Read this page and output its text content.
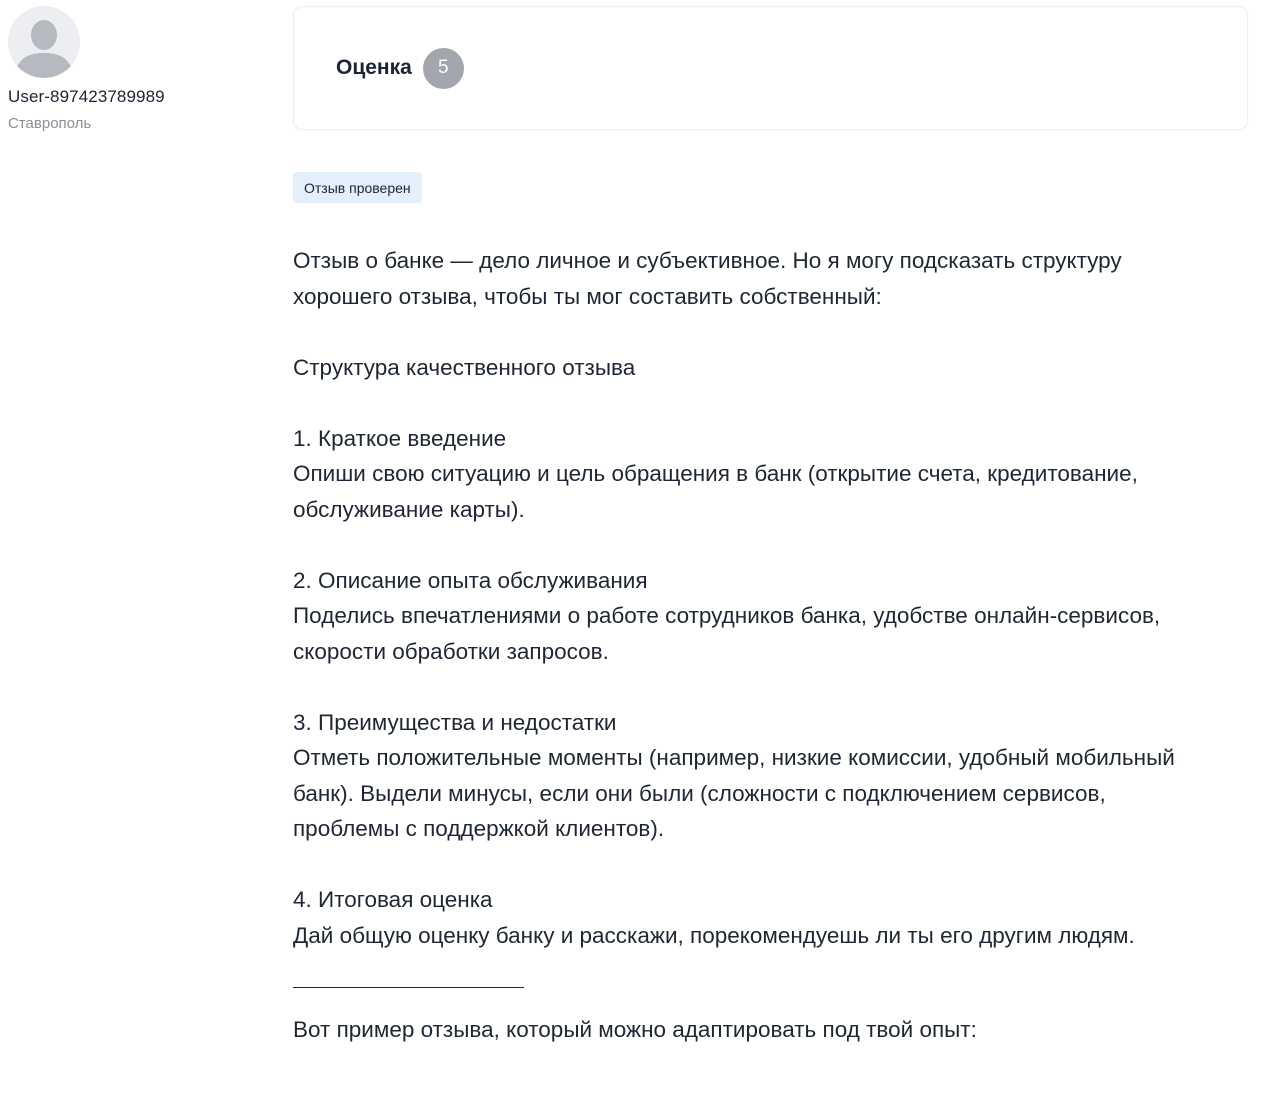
User-897423789989
Ставрополь
Оценка	5
Отзыв проверен

Отзыв о банке — дело личное и субъективное. Но я могу подсказать структуру

хорошего отзыва, чтобы ты мог составить собственный:

Структура качественного отзыва

1. Краткое введение

Опиши свою ситуацию и цель обращения в банк (открытие счета, кредитование,

обслуживание карты).

2. Описание опыта обслуживания

Поделись впечатлениями о работе сотрудников банка, удобстве онлайн-сервисов,

скорости обработки запросов.

3. Преимущества и недостатки

Отметь положительные моменты (например, низкие комиссии, удобный мобильный

банк). Выдели минусы, если они были (сложности с подключением сервисов,

проблемы с поддержкой клиентов).

4. Итоговая оценка

Дай общую оценку банку и расскажи, порекомендуешь ли ты его другим людям.

Вот пример отзыва, который можно адаптировать под твой опыт:
